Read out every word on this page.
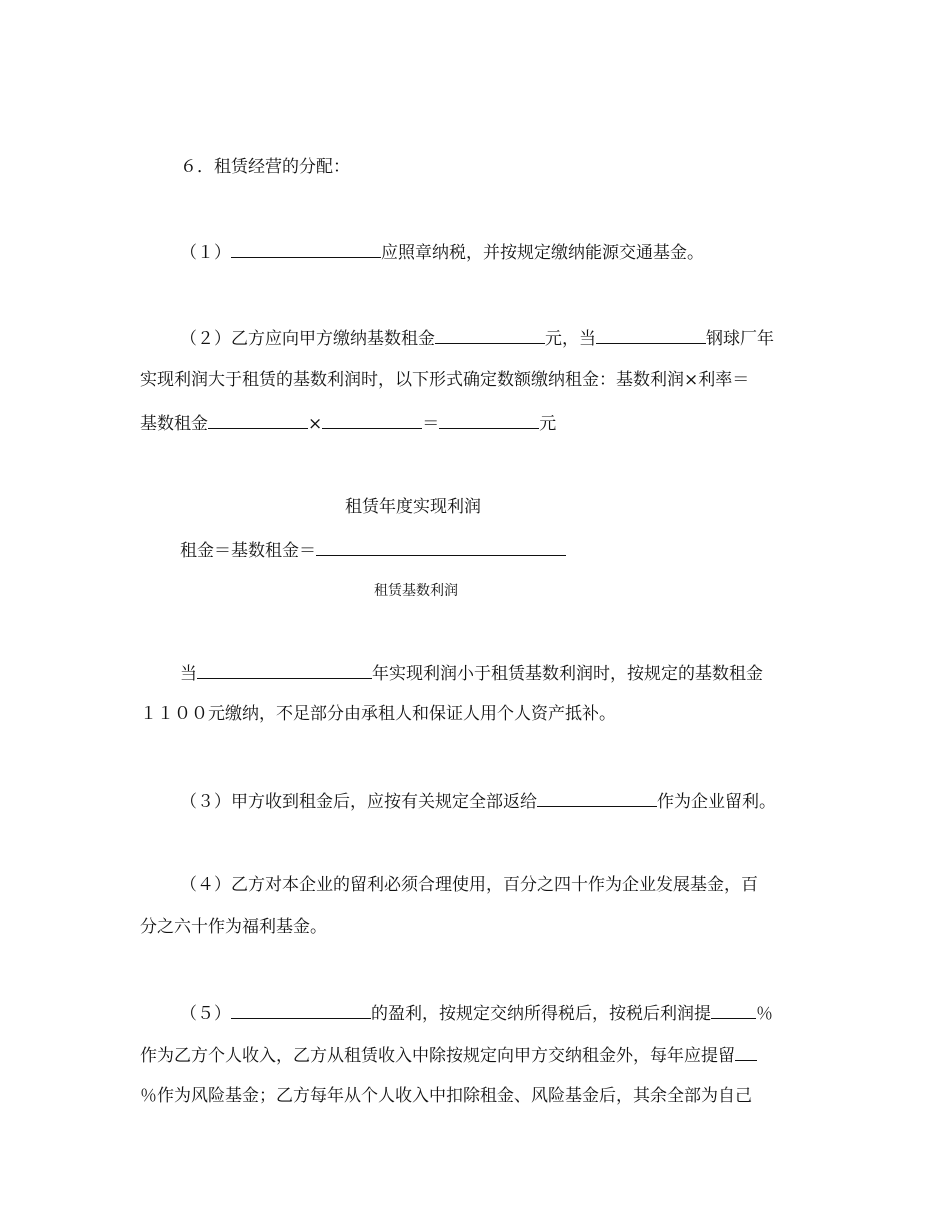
６．租赁经营的分配：
（１）	应照章纳税，并按规定缴纳能源交通基金。
（２）乙方应向甲方缴纳基数租金	元，当	钢球厂年
实现利润大于租赁的基数利润时，以下形式确定数额缴纳租金：基数利润×利率＝
基数租金	×	＝	元
租赁年度实现利润
租金＝基数租金＝
租赁基数利润
当	年实现利润小于租赁基数利润时，按规定的基数租金
１１００元缴纳，不足部分由承租人和保证人用个人资产抵补。
（３）甲方收到租金后，应按有关规定全部返给	作为企业留利。
（４）乙方对本企业的留利必须合理使用，百分之四十作为企业发展基金，百
分之六十作为福利基金。
（５）	的盈利，按规定交纳所得税后，按税后利润提	％
作为乙方个人收入，乙方从租赁收入中除按规定向甲方交纳租金外，每年应提留
％作为风险基金；乙方每年从个人收入中扣除租金、风险基金后，其余全部为自己
